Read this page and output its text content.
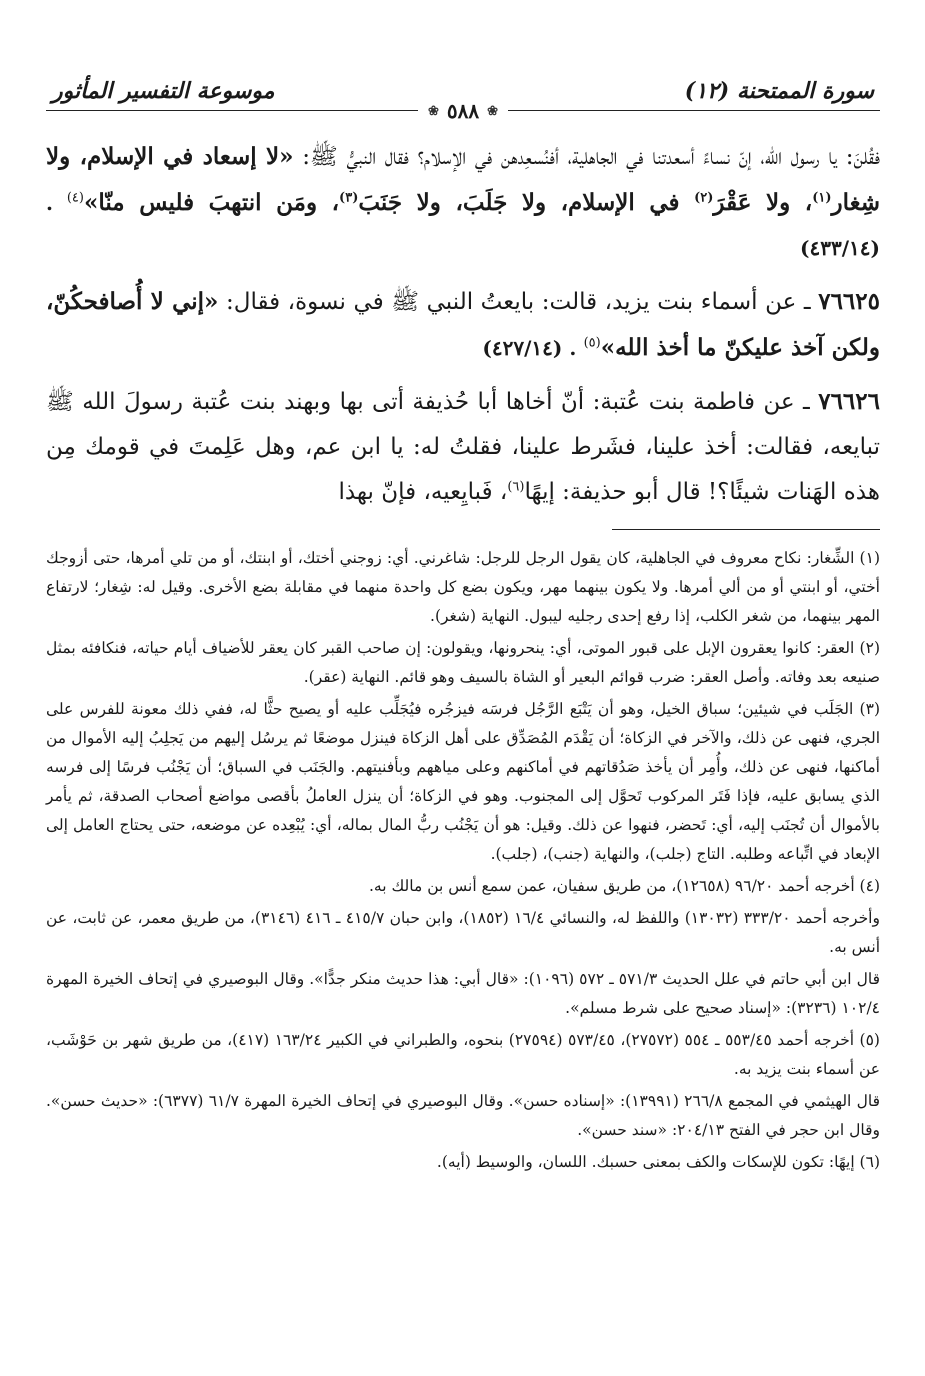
سورة الممتحنة (١٢)
موسوعة التفسير المأثور
❀
٥٨٨
❀

فقُلنَ: يا رسول الله، إنّ نساءً أسعدتنا في الجاهلية، أفنُسعِدهن في الإسلام؟ فقال النبيُّ ﷺ: «لا إسعاد في الإسلام، ولا شِغار$^{(١)}$، ولا عَقْرَ$^{(٢)}$ في الإسلام، ولا جَلَبَ، ولا جَنَبَ$^{(٣)}$، ومَن انتهبَ فليس منّا»$^{(٤)}$ . (٤٣٣/١٤)

٧٦٦٢٥ ـ عن أسماء بنت يزيد، قالت: بايعتُ النبي ﷺ في نسوة، فقال: «إني لا أُصافحكُنّ، ولكن آخذ عليكنّ ما أخذ الله»$^{(٥)}$ . (٤٢٧/١٤)

٧٦٦٢٦ ـ عن فاطمة بنت عُتبة: أنّ أخاها أبا حُذيفة أتى بها وبهند بنت عُتبة رسولَ الله ﷺ تبايعه، فقالت: أخذ علينا، فشَرط علينا، فقلتُ له: يا ابن عم، وهل عَلِمتَ في قومك مِن هذه الهَنات شيئًا؟! قال أبو حذيفة: إيهًا$^{(٦)}$، فَبايِعيه، فإنّ بهذا

(١) الشِّغار: نكاح معروف في الجاهلية، كان يقول الرجل للرجل: شاغرني. أي: زوجني أختك، أو ابنتك، أو من تلي أمرها، حتى أزوجك أختي، أو ابنتي أو من ألي أمرها. ولا يكون بينهما مهر، ويكون بضع كل واحدة منهما في مقابلة بضع الأخرى. وقيل له: شِغار؛ لارتفاع المهر بينهما، من شغر الكلب، إذا رفع إحدى رجليه ليبول. النهاية (شغر).

(٢) العقر: كانوا يعقرون الإبل على قبور الموتى، أي: ينحرونها، ويقولون: إن صاحب القبر كان يعقر للأضياف أيام حياته، فنكافئه بمثل صنيعه بعد وفاته. وأصل العقر: ضرب قوائم البعير أو الشاة بالسيف وهو قائم. النهاية (عقر).

(٣) الجَلَب في شيئين؛ سباق الخيل، وهو أن يَتْبَع الرَّجُل فرسَه فيزجُره فيُجَلِّب عليه أو يصيح حثًّا له، ففي ذلك معونة للفرس على الجري، فنهى عن ذلك، والآخر في الزكاة؛ أن يَقْدَم المُصَدِّق على أهل الزكاة فينزل موضعًا ثم يرسُل إليهم من يَجلِبُ إليه الأموال من أماكنها، فنهى عن ذلك، وأُمِر أن يأخذ صَدُقاتهم في أماكنهم وعلى مياههم وبأفنيتهم. والجَنَب في السباق؛ أن يَجْنُب فرسًا إلى فرسه الذي يسابق عليه، فإذا فَتَر المركوب تَحوَّل إلى المجنوب. وهو في الزكاة؛ أن ينزل العاملُ بأقصى مواضع أصحاب الصدقة، ثم يأمر بالأموال أن تُجنَب إليه، أي: تَحضر، فنهوا عن ذلك. وقيل: هو أن يَجْنُب ربُّ المال بماله، أي: يُبْعِده عن موضعه، حتى يحتاج العامل إلى الإبعاد في اتِّباعه وطلبه. التاج (جلب)، والنهاية (جنب)، (جلب).

(٤) أخرجه أحمد ٩٦/٢٠ (١٢٦٥٨)، من طريق سفيان، عمن سمع أنس بن مالك به.

وأخرجه أحمد ٣٣٣/٢٠ (١٣٠٣٢) واللفظ له، والنسائي ١٦/٤ (١٨٥٢)، وابن حبان ٤١٥/٧ ـ ٤١٦ (٣١٤٦)، من طريق معمر، عن ثابت، عن أنس به.

قال ابن أبي حاتم في علل الحديث ٥٧١/٣ ـ ٥٧٢ (١٠٩٦): «قال أبي: هذا حديث منكر جدًّا». وقال البوصيري في إتحاف الخيرة المهرة ١٠٢/٤ (٣٢٣٦): «إسناد صحيح على شرط مسلم».

(٥) أخرجه أحمد ٥٥٣/٤٥ ـ ٥٥٤ (٢٧٥٧٢)، ٥٧٣/٤٥ (٢٧٥٩٤) بنحوه، والطبراني في الكبير ١٦٣/٢٤ (٤١٧)، من طريق شهر بن حَوْشَب، عن أسماء بنت يزيد به.

قال الهيثمي في المجمع ٢٦٦/٨ (١٣٩٩١): «إسناده حسن». وقال البوصيري في إتحاف الخيرة المهرة ٦١/٧ (٦٣٧٧): «حديث حسن». وقال ابن حجر في الفتح ٢٠٤/١٣: «سند حسن».

(٦) إيهًا: تكون للإسكات والكف بمعنى حسبك. اللسان، والوسيط (أيه).
